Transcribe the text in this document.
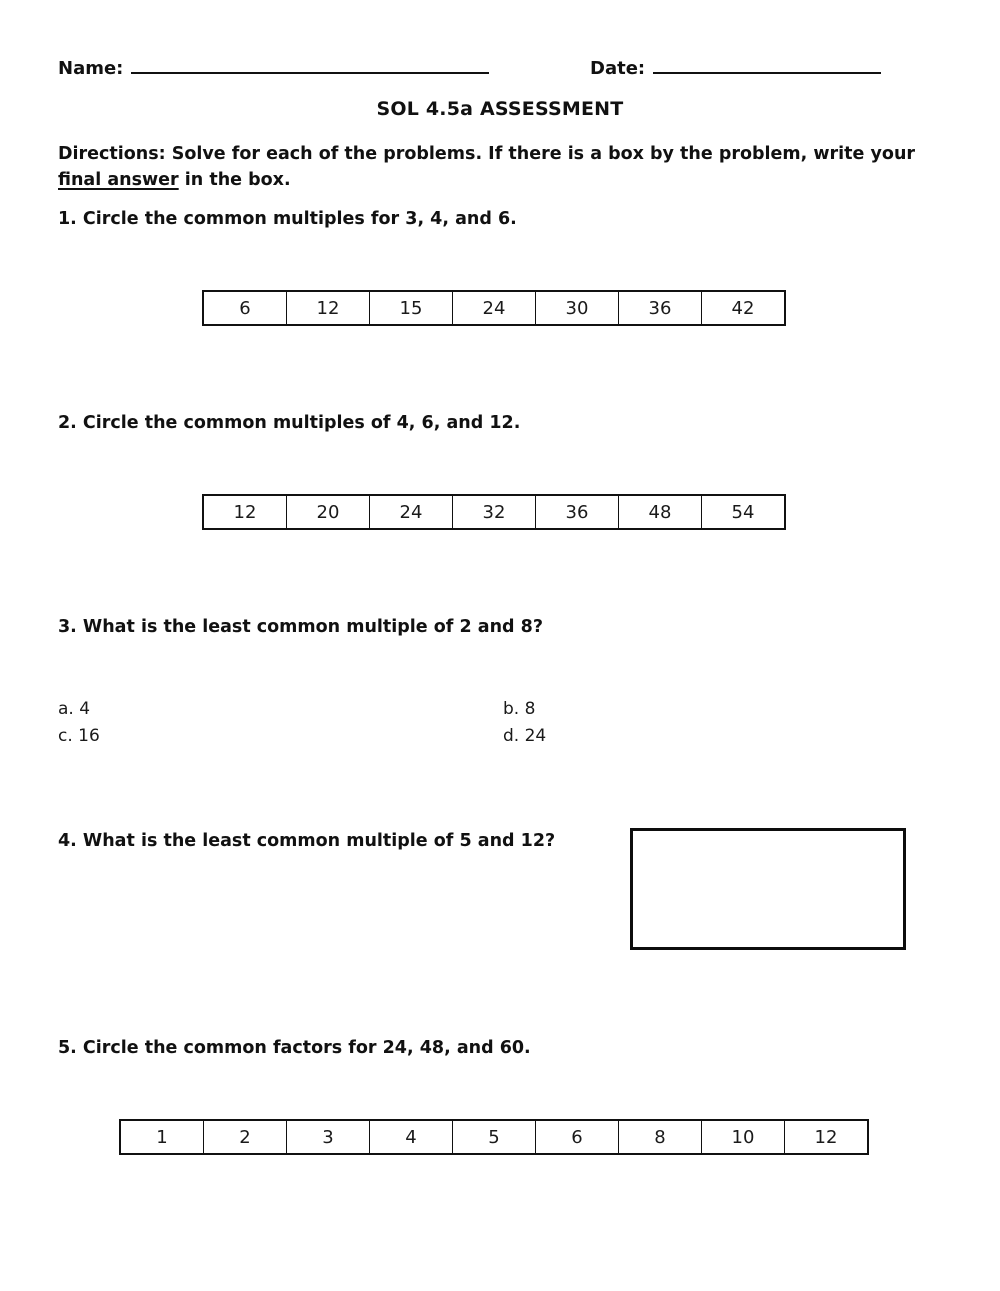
Name:	Date:
SOL 4.5a ASSESSMENT
Directions: Solve for each of the problems. If there is a box by the problem, write your
final answer in the box.
1. Circle the common multiples for 3, 4, and 6.
6	12	15	24	30	36	42
2. Circle the common multiples of 4, 6, and 12.
12	20	24	32	36	48	54
3. What is the least common multiple of 2 and 8?
a. 4	b. 8
c. 16	d. 24
4. What is the least common multiple of 5 and 12?
5. Circle the common factors for 24, 48, and 60.
1	2	3	4	5	6	8	10	12
